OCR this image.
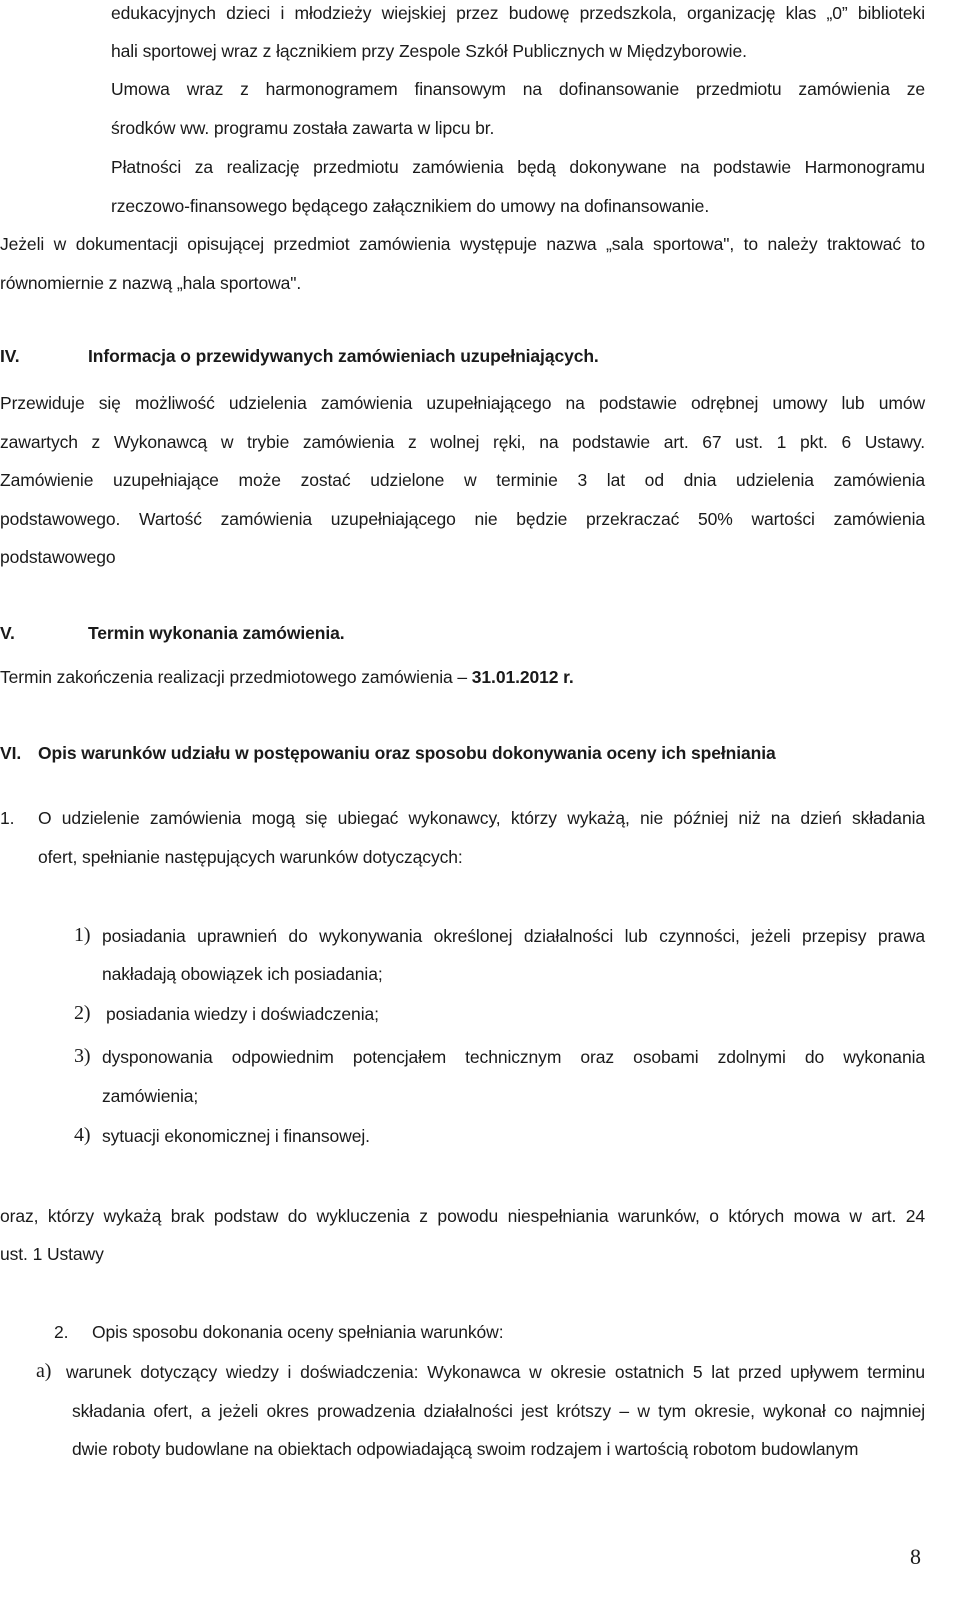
edukacyjnych dzieci i młodzieży wiejskiej przez budowę przedszkola, organizację klas „0” biblioteki
hali sportowej wraz z łącznikiem przy Zespole Szkół Publicznych w Międzyborowie.
Umowa wraz z harmonogramem finansowym na dofinansowanie przedmiotu zamówienia ze
środków ww. programu została zawarta w lipcu br.
Płatności za realizację przedmiotu zamówienia będą dokonywane na podstawie Harmonogramu
rzeczowo-finansowego będącego załącznikiem do umowy na dofinansowanie.
Jeżeli w dokumentacji opisującej przedmiot zamówienia występuje nazwa „sala sportowa", to należy traktować to
równomiernie z nazwą „hala sportowa".
IV.	Informacja o przewidywanych zamówieniach uzupełniających.
Przewiduje się możliwość udzielenia zamówienia uzupełniającego na podstawie odrębnej umowy lub umów
zawartych z Wykonawcą w trybie zamówienia z wolnej ręki, na podstawie art. 67 ust. 1 pkt. 6 Ustawy.
Zamówienie uzupełniające może zostać udzielone w terminie 3 lat od dnia udzielenia zamówienia
podstawowego. Wartość zamówienia uzupełniającego nie będzie przekraczać 50% wartości zamówienia
podstawowego
V.	Termin wykonania zamówienia.
Termin zakończenia realizacji przedmiotowego zamówienia – 31.01.2012 r.
VI. Opis warunków udziału w postępowaniu oraz sposobu dokonywania oceny ich spełniania
1. O udzielenie zamówienia mogą się ubiegać wykonawcy, którzy wykażą, nie później niż na dzień składania
ofert, spełnianie następujących warunków dotyczących:
1) posiadania uprawnień do wykonywania określonej działalności lub czynności, jeżeli przepisy prawa
nakładają obowiązek ich posiadania;
2) posiadania wiedzy i doświadczenia;
3) dysponowania odpowiednim potencjałem technicznym oraz osobami zdolnymi do wykonania
zamówienia;
4) sytuacji ekonomicznej i finansowej.
oraz, którzy wykażą brak podstaw do wykluczenia z powodu niespełniania warunków, o których mowa w art. 24
ust. 1 Ustawy
2. Opis sposobu dokonania oceny spełniania warunków:
a) warunek dotyczący wiedzy i doświadczenia: Wykonawca w okresie ostatnich 5 lat przed upływem terminu
składania ofert, a jeżeli okres prowadzenia działalności jest krótszy – w tym okresie, wykonał co najmniej
dwie roboty budowlane na obiektach odpowiadającą swoim rodzajem i wartością robotom budowlanym
8
